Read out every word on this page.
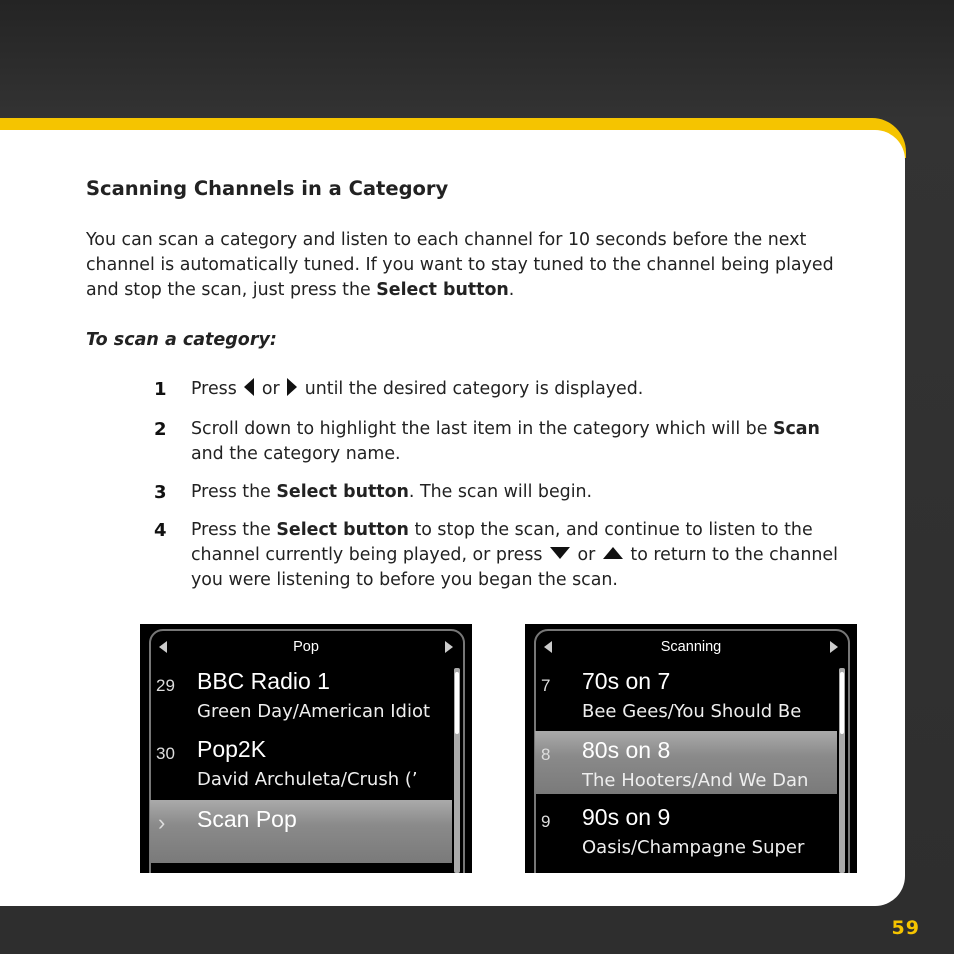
Scanning Channels in a Category
You can scan a category and listen to each channel for 10 seconds before the next channel is automatically tuned. If you want to stay tuned to the channel being played and stop the scan, just press the Select button.
To scan a category:
1 Press  or  until the desired category is displayed.
2 Scroll down to highlight the last item in the category which will be Scan and the category name.
3 Press the Select button. The scan will begin.
4 Press the Select button to stop the scan, and continue to listen to the channel currently being played, or press  or  to return to the channel you were listening to before you began the scan.
Pop
29 BBC Radio 1
Green Day/American Idiot
30 Pop2K
David Archuleta/Crush (’
› Scan Pop
Scanning
7 70s on 7
Bee Gees/You Should Be
8 80s on 8
The Hooters/And We Dan
9 90s on 9
Oasis/Champagne Super
59
